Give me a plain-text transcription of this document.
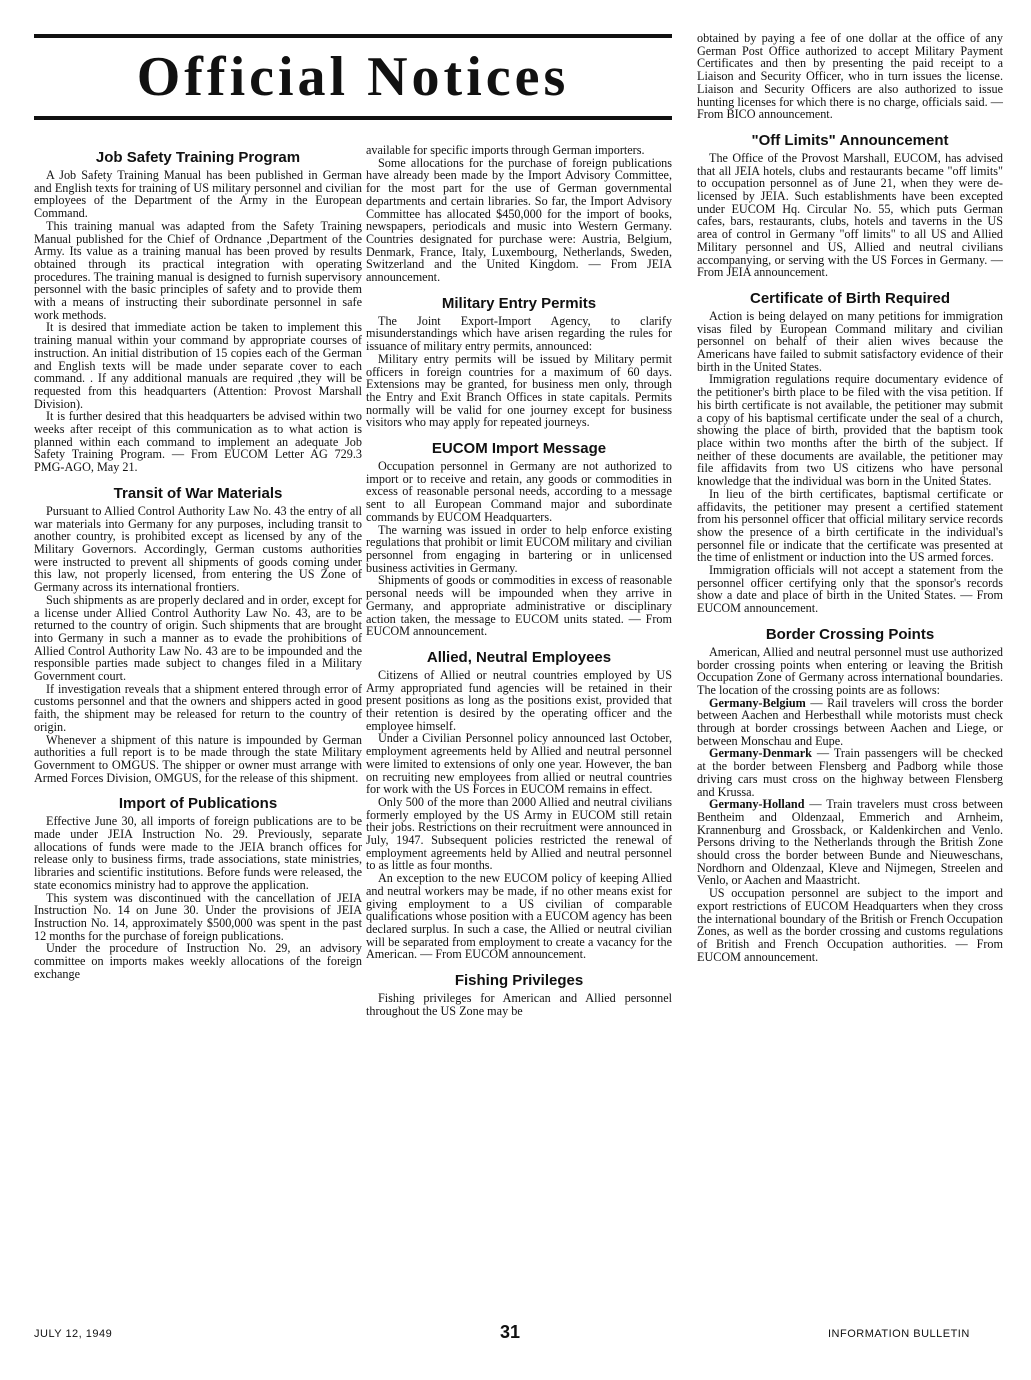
Official Notices
Job Safety Training Program

A Job Safety Training Manual has been published in German and English texts for training of US military personnel and civilian employees of the Department of the Army in the European Command.

This training manual was adapted from the Safety Training Manual published for the Chief of Ordnance ,Department of the Army. Its value as a training manual has been proved by results obtained through its practical integration with operating procedures. The training manual is designed to furnish supervisory personnel with the basic principles of safety and to provide them with a means of instructing their subordinate personnel in safe work methods.

It is desired that immediate action be taken to implement this training manual within your command by appropriate courses of instruction. An initial distribution of 15 copies each of the German and English texts will be made under separate cover to each command. . If any additional manuals are required ,they will be requested from this headquarters (Attention: Provost Marshall Division).

It is further desired that this headquarters be advised within two weeks after receipt of this communication as to what action is planned within each command to implement an adequate Job Safety Training Program. — From EUCOM Letter AG 729.3 PMG-AGO, May 21.

Transit of War Materials

Pursuant to Allied Control Authority Law No. 43 the entry of all war materials into Germany for any purposes, including transit to another country, is prohibited except as licensed by any of the Military Governors. Accordingly, German customs authorities were instructed to prevent all shipments of goods coming under this law, not properly licensed, from entering the US Zone of Germany across its international frontiers.

Such shipments as are properly declared and in order, except for a license under Allied Control Authority Law No. 43, are to be returned to the country of origin. Such shipments that are brought into Germany in such a manner as to evade the prohibitions of Allied Control Authority Law No. 43 are to be impounded and the responsible parties made subject to changes filed in a Military Government court.

If investigation reveals that a shipment entered through error of customs personnel and that the owners and shippers acted in good faith, the shipment may be released for return to the country of origin.

Whenever a shipment of this nature is impounded by German authorities a full report is to be made through the state Military Government to OMGUS. The shipper or owner must arrange with Armed Forces Division, OMGUS, for the release of this shipment.

Import of Publications

Effective June 30, all imports of foreign publications are to be made under JEIA Instruction No. 29. Previously, separate allocations of funds were made to the JEIA branch offices for release only to business firms, trade associations, state ministries, libraries and scientific institutions. Before funds were released, the state economics ministry had to approve the application.

This system was discontinued with the cancellation of JEIA Instruction No. 14 on June 30. Under the provisions of JEIA Instruction No. 14, approximately $500,000 was spent in the past 12 months for the purchase of foreign publications.

Under the procedure of Instruction No. 29, an advisory committee on imports makes weekly allocations of the foreign exchange

available for specific imports through German importers.

Some allocations for the purchase of foreign publications have already been made by the Import Advisory Committee, for the most part for the use of German governmental departments and certain libraries. So far, the Import Advisory Committee has allocated $450,000 for the import of books, newspapers, periodicals and music into Western Germany. Countries designated for purchase were: Austria, Belgium, Denmark, France, Italy, Luxembourg, Netherlands, Sweden, Switzerland and the United Kingdom. — From JEIA announcement.

Military Entry Permits

The Joint Export-Import Agency, to clarify misunderstandings which have arisen regarding the rules for issuance of military entry permits, announced:

Military entry permits will be issued by Military permit officers in foreign countries for a maximum of 60 days. Extensions may be granted, for business men only, through the Entry and Exit Branch Offices in state capitals. Permits normally will be valid for one journey except for business visitors who may apply for repeated journeys.

EUCOM Import Message

Occupation personnel in Germany are not authorized to import or to receive and retain, any goods or commodities in excess of reasonable personal needs, according to a message sent to all European Command major and subordinate commands by EUCOM Headquarters.

The warning was issued in order to help enforce existing regulations that prohibit or limit EUCOM military and civilian personnel from engaging in bartering or in unlicensed business activities in Germany.

Shipments of goods or commodities in excess of reasonable personal needs will be impounded when they arrive in Germany, and appropriate administrative or disciplinary action taken, the message to EUCOM units stated. — From EUCOM announcement.

Allied, Neutral Employees

Citizens of Allied or neutral countries employed by US Army appropriated fund agencies will be retained in their present positions as long as the positions exist, provided that their retention is desired by the operating officer and the employee himself.

Under a Civilian Personnel policy announced last October, employment agreements held by Allied and neutral personnel were limited to extensions of only one year. However, the ban on recruiting new employees from allied or neutral countries for work with the US Forces in EUCOM remains in effect.

Only 500 of the more than 2000 Allied and neutral civilians formerly employed by the US Army in EUCOM still retain their jobs. Restrictions on their recruitment were announced in July, 1947. Subsequent policies restricted the renewal of employment agreements held by Allied and neutral personnel to as little as four months.

An exception to the new EUCOM policy of keeping Allied and neutral workers may be made, if no other means exist for giving employment to a US civilian of comparable qualifications whose position with a EUCOM agency has been declared surplus. In such a case, the Allied or neutral civilian will be separated from employment to create a vacancy for the American. — From EUCOM announcement.

Fishing Privileges

Fishing privileges for American and Allied personnel throughout the US Zone may be

obtained by paying a fee of one dollar at the office of any German Post Office authorized to accept Military Payment Certificates and then by presenting the paid receipt to a Liaison and Security Officer, who in turn issues the license. Liaison and Security Officers are also authorized to issue hunting licenses for which there is no charge, officials said. — From BICO announcement.

"Off Limits" Announcement

The Office of the Provost Marshall, EUCOM, has advised that all JEIA hotels, clubs and restaurants became "off limits" to occupation personnel as of June 21, when they were de-licensed by JEIA. Such establishments have been excepted under EUCOM Hq. Circular No. 55, which puts German cafes, bars, restaurants, clubs, hotels and taverns in the US area of control in Germany "off limits" to all US and Allied Military personnel and US, Allied and neutral civilians accompanying, or serving with the US Forces in Germany. — From JEIA announcement.

Certificate of Birth Required

Action is being delayed on many petitions for immigration visas filed by European Command military and civilian personnel on behalf of their alien wives because the Americans have failed to submit satisfactory evidence of their birth in the United States.

Immigration regulations require documentary evidence of the petitioner's birth place to be filed with the visa petition. If his birth certificate is not available, the petitioner may submit a copy of his baptismal certificate under the seal of a church, showing the place of birth, provided that the baptism took place within two months after the birth of the subject. If neither of these documents are available, the petitioner may file affidavits from two US citizens who have personal knowledge that the individual was born in the United States.

In lieu of the birth certificates, baptismal certificate or affidavits, the petitioner may present a certified statement from his personnel officer that official military service records show the presence of a birth certificate in the individual's personnel file or indicate that the certificate was presented at the time of enlistment or induction into the US armed forces.

Immigration officials will not accept a statement from the personnel officer certifying only that the sponsor's records show a date and place of birth in the United States. — From EUCOM announcement.

Border Crossing Points

American, Allied and neutral personnel must use authorized border crossing points when entering or leaving the British Occupation Zone of Germany across international boundaries. The location of the crossing points are as follows:

Germany-Belgium — Rail travelers will cross the border between Aachen and Herbesthall while motorists must check through at border crossings between Aachen and Liege, or between Monschau and Eupe.

Germany-Denmark — Train passengers will be checked at the border between Flensberg and Padborg while those driving cars must cross on the highway between Flensberg and Krussa.

Germany-Holland — Train travelers must cross between Bentheim and Oldenzaal, Emmerich and Arnheim, Krannenburg and Grossback, or Kaldenkirchen and Venlo. Persons driving to the Netherlands through the British Zone should cross the border between Bunde and Nieuweschans, Nordhorn and Oldenzaal, Kleve and Nijmegen, Streelen and Venlo, or Aachen and Maastricht.

US occupation personnel are subject to the import and export restrictions of EUCOM Headquarters when they cross the international boundary of the British or French Occupation Zones, as well as the border crossing and customs regulations of British and French Occupation authorities. — From EUCOM announcement.

JULY 12, 1949	31	INFORMATION BULLETIN
